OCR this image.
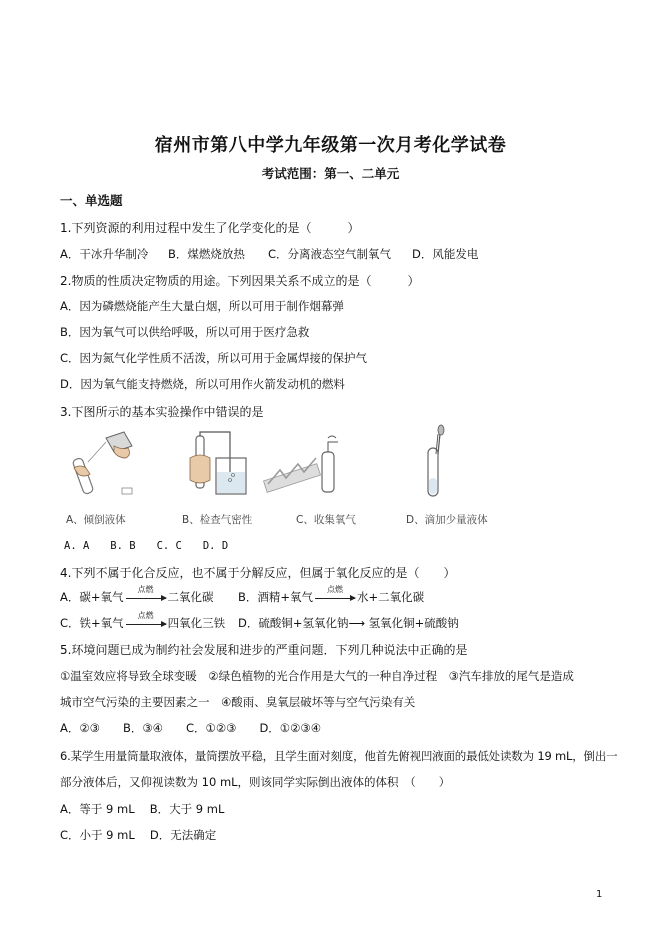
宿州市第八中学九年级第一次月考化学试卷
考试范围：第一、二单元
一、单选题
1.下列资源的利用过程中发生了化学变化的是（　　　）
A．干冰升华制冷 B．煤燃烧放热 C．分离液态空气制氧气 D．风能发电
2.物质的性质决定物质的用途。下列因果关系不成立的是（　　　）
A．因为磷燃烧能产生大量白烟，所以可用于制作烟幕弹
B．因为氧气可以供给呼吸，所以可用于医疗急救
C．因为氮气化学性质不活泼，所以可用于金属焊接的保护气
D．因为氧气能支持燃烧，所以可用作火箭发动机的燃料
3.下图所示的基本实验操作中错误的是
A、倾倒液体	B、检查气密性	C、收集氧气	D、滴加少量液体
A. A　　B. B　　C. C　　D. D
4.下列不属于化合反应，也不属于分解反应，但属于氧化反应的是（　　）
A．碳+氧气
点燃
二氧化碳 B．酒精+氧气
点燃
水+二氧化碳
C．铁+氧气
点燃
四氧化三铁 D．硫酸铜+氢氧化钠⟶ 氢氧化铜+硫酸钠
5.环境问题已成为制约社会发展和进步的严重问题．下列几种说法中正确的是
①温室效应将导致全球变暖　②绿色植物的光合作用是大气的一种自净过程　③汽车排放的尾气是造成
城市空气污染的主要因素之一　④酸雨、臭氧层破坏等与空气污染有关
A．②③　　B．③④　　C．①②③　　D．①②③④
6.某学生用量筒量取液体，量筒摆放平稳，且学生面对刻度，他首先俯视凹液面的最低处读数为 19 mL，倒出一
部分液体后，又仰视读数为 10 mL，则该同学实际倒出液体的体积　（　　）
A．等于 9 mL　 B．大于 9 mL
C．小于 9 mL　 D．无法确定
1
